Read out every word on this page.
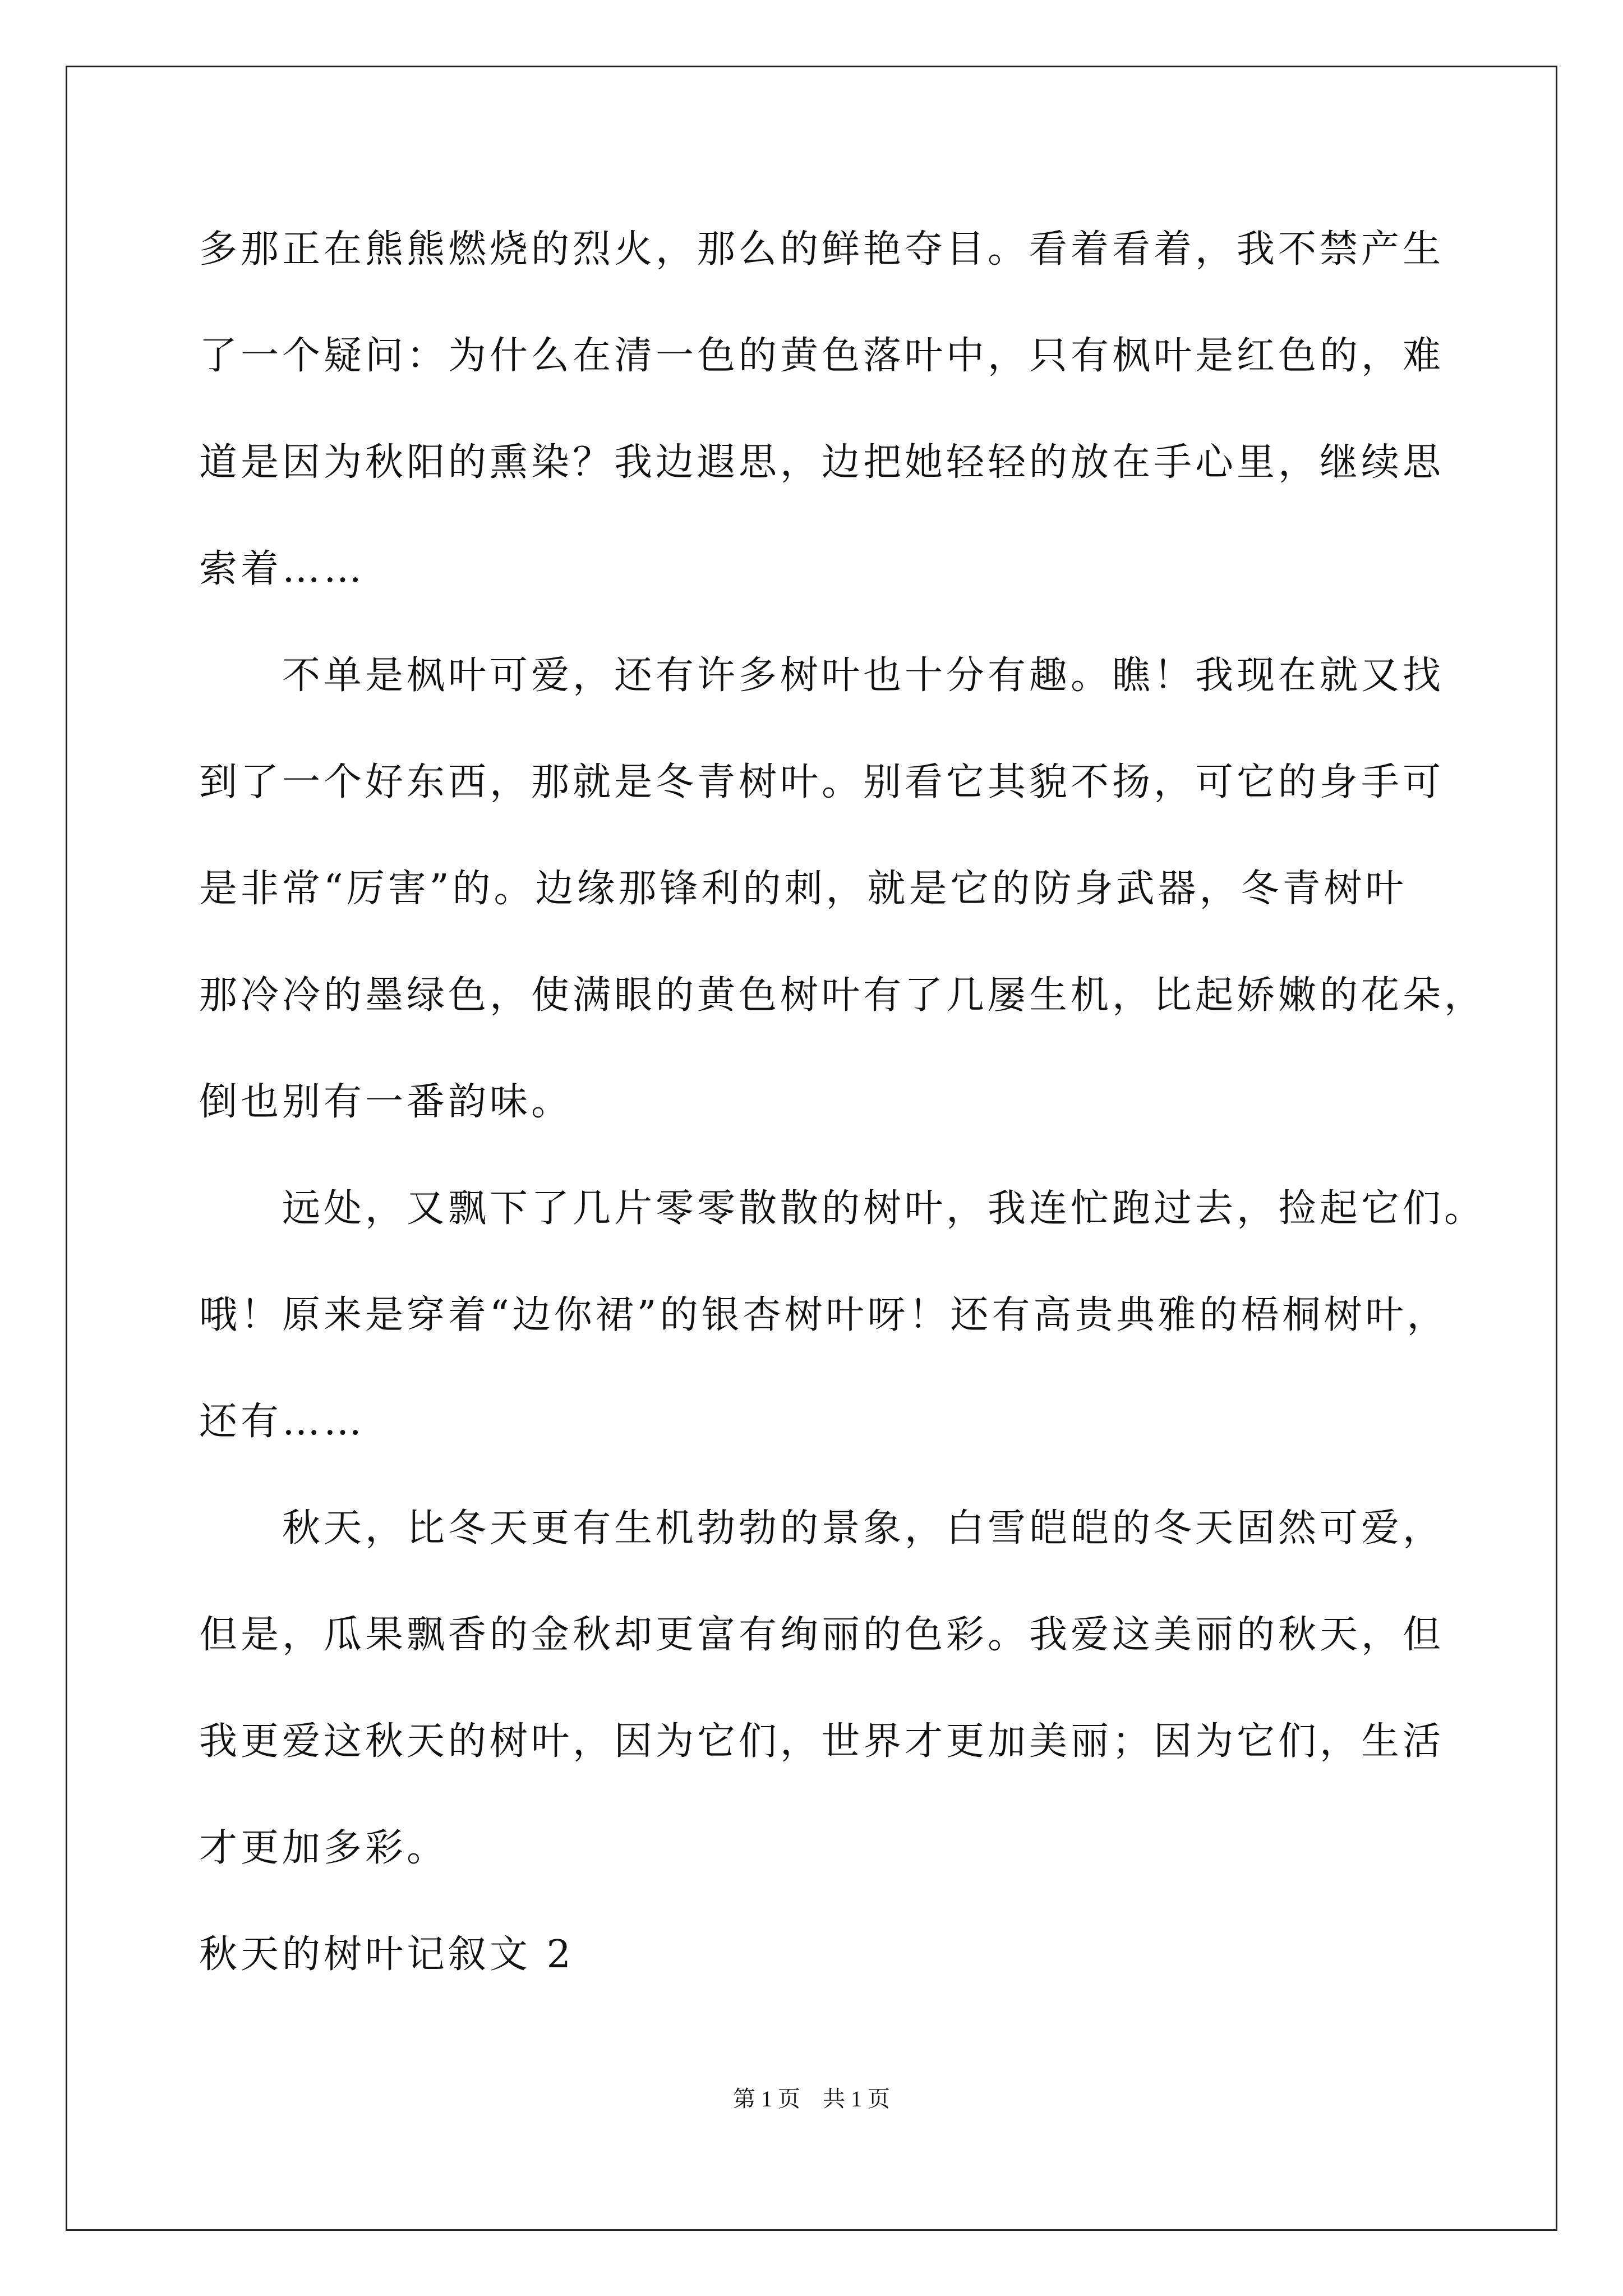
多那正在熊熊燃烧的烈火，那么的鲜艳夺目。看着看着，我不禁产生
了一个疑问：为什么在清一色的黄色落叶中，只有枫叶是红色的，难
道是因为秋阳的熏染？我边遐思，边把她轻轻的放在手心里，继续思
索着……
不单是枫叶可爱，还有许多树叶也十分有趣。瞧！我现在就又找
到了一个好东西，那就是冬青树叶。别看它其貌不扬，可它的身手可
是非常“厉害”的。边缘那锋利的刺，就是它的防身武器，冬青树叶
那冷冷的墨绿色，使满眼的黄色树叶有了几屡生机，比起娇嫩的花朵，
倒也别有一番韵味。
远处，又飘下了几片零零散散的树叶，我连忙跑过去，捡起它们。
哦！原来是穿着“边你裙”的银杏树叶呀！还有高贵典雅的梧桐树叶，
还有……
秋天，比冬天更有生机勃勃的景象，白雪皑皑的冬天固然可爱，
但是，瓜果飘香的金秋却更富有绚丽的色彩。我爱这美丽的秋天，但
我更爱这秋天的树叶，因为它们，世界才更加美丽；因为它们，生活
才更加多彩。
秋天的树叶记叙文 2
第 1 页　共 1 页
